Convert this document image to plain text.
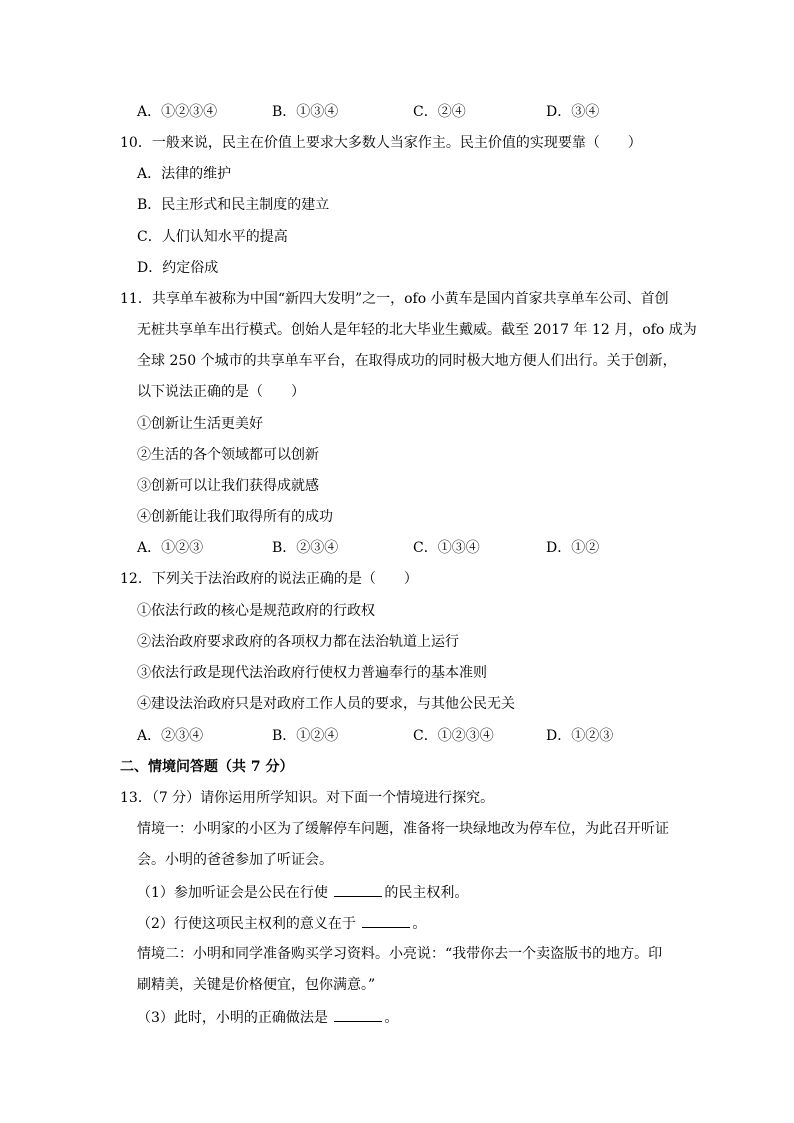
A．①②③④	B．①③④	C．②④	D．③④
10．一般来说，民主在价值上要求大多数人当家作主。民主价值的实现要靠（　　）
A．法律的维护
B．民主形式和民主制度的建立
C．人们认知水平的提高
D．约定俗成
11．共享单车被称为中国“新四大发明”之一，ofo 小黄车是国内首家共享单车公司、首创
无桩共享单车出行模式。创始人是年轻的北大毕业生戴威。截至 2017 年 12 月，ofo 成为
全球 250 个城市的共享单车平台，在取得成功的同时极大地方便人们出行。关于创新，
以下说法正确的是（　　）
①创新让生活更美好
②生活的各个领域都可以创新
③创新可以让我们获得成就感
④创新能让我们取得所有的成功
A．①②③	B．②③④	C．①③④	D．①②
12．下列关于法治政府的说法正确的是（　　）
①依法行政的核心是规范政府的行政权
②法治政府要求政府的各项权力都在法治轨道上运行
③依法行政是现代法治政府行使权力普遍奉行的基本准则
④建设法治政府只是对政府工作人员的要求，与其他公民无关
A．②③④	B．①②④	C．①②③④	D．①②③
二、情境问答题（共 7 分）
13．（7 分）请你运用所学知识。对下面一个情境进行探究。
情境一：小明家的小区为了缓解停车问题，准备将一块绿地改为停车位，为此召开听证
会。小明的爸爸参加了听证会。
（1）参加听证会是公民在行使	的民主权利。
（2）行使这项民主权利的意义在于	。
情境二：小明和同学准备购买学习资料。小亮说：“我带你去一个卖盗版书的地方。印
刷精美，关键是价格便宜，包你满意。”
（3）此时，小明的正确做法是	。
